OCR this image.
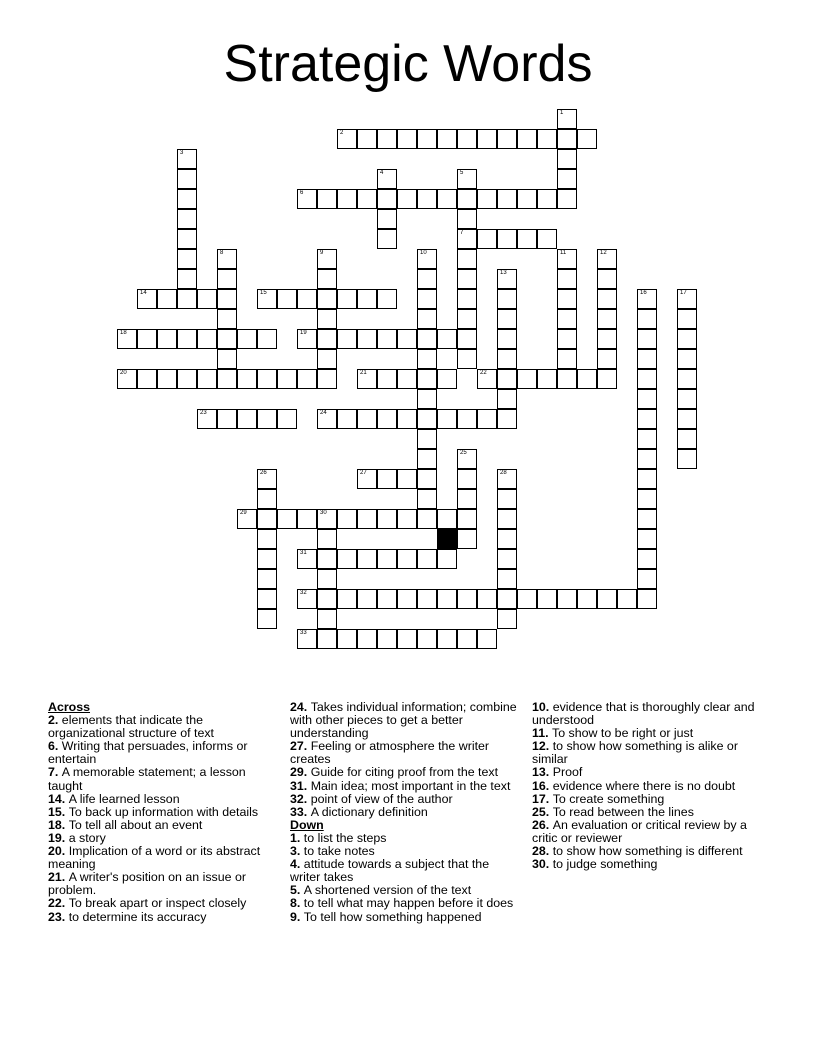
Strategic Words
1
2
3
4	5
7
6
8	9	10	11	12
13
14	15	16	17
18	19
20	21	22
23	24
25
26	27	28
29	30
31
32
33
Across
2. elements that indicate the organizational structure of text
6. Writing that persuades, informs or entertain
7. A memorable statement; a lesson taught
14. A life learned lesson
15. To back up information with details
18. To tell all about an event
19. a story
20. Implication of a word or its abstract meaning
21. A writer's position on an issue or problem.
22. To break apart or inspect closely
23. to determine its accuracy
24. Takes individual information; combine with other pieces to get a better understanding
27. Feeling or atmosphere the writer creates
29. Guide for citing proof from the text
31. Main idea; most important in the text
32. point of view of the author
33. A dictionary definition
Down
1. to list the steps
3. to take notes
4. attitude towards a subject that the writer takes
5. A shortened version of the text
8. to tell what may happen before it does
9. To tell how something happened
10. evidence that is thoroughly clear and understood
11. To show to be right or just
12. to show how something is alike or similar
13. Proof
16. evidence where there is no doubt
17. To create something
25. To read between the lines
26. An evaluation or critical review by a critic or reviewer
28. to show how something is different
30. to judge something
